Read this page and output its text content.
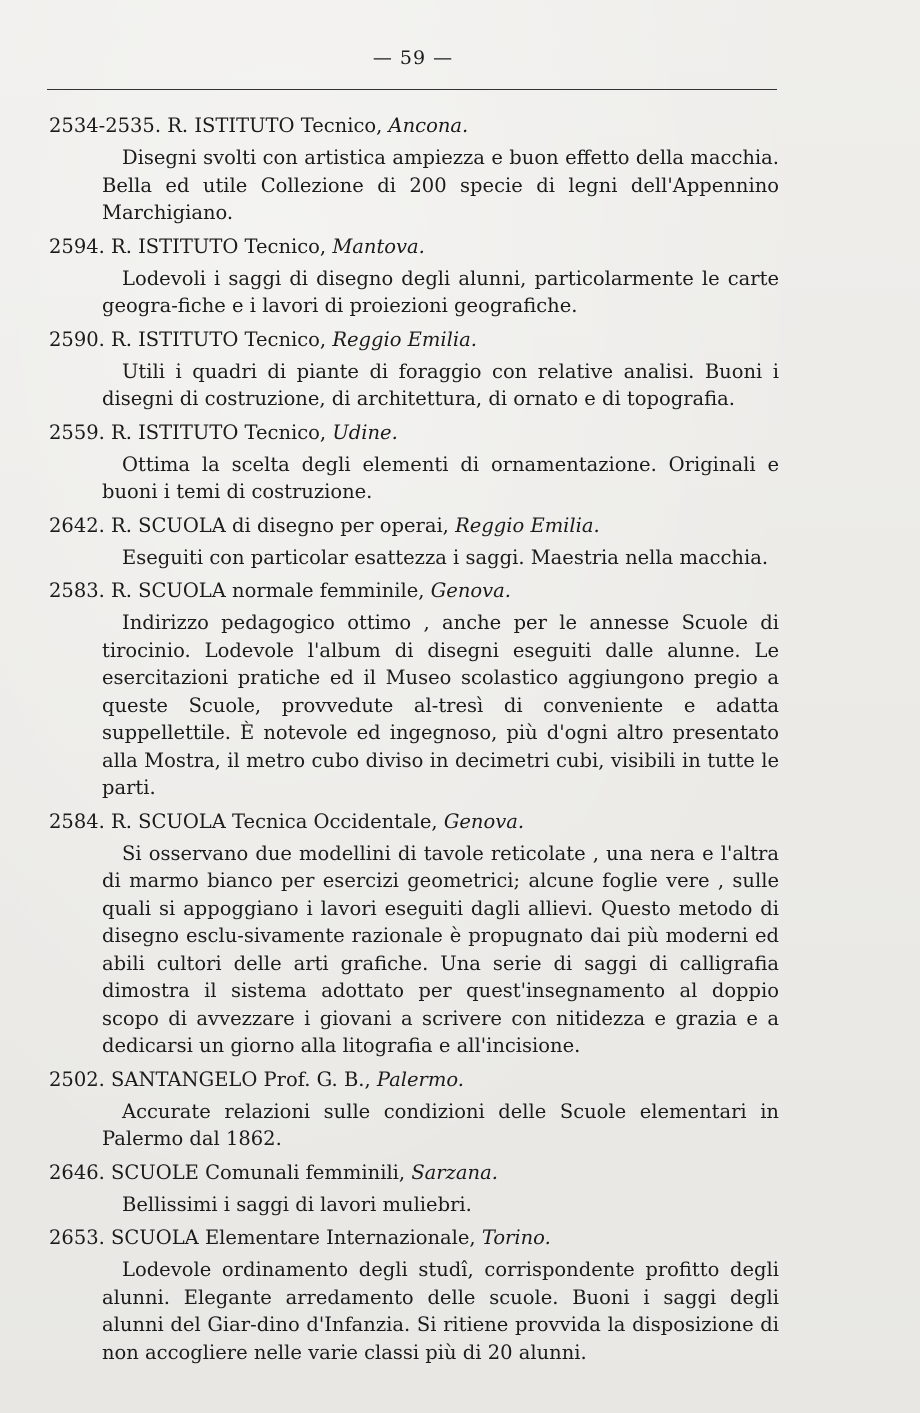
— 59 —
2534-2535. R. ISTITUTO Tecnico, Ancona.
Disegni svolti con artistica ampiezza e buon effetto della macchia. Bella ed utile Collezione di 200 specie di legni dell'Appennino Marchigiano.
2594. R. ISTITUTO Tecnico, Mantova.
Lodevoli i saggi di disegno degli alunni, particolarmente le carte geogra-fiche e i lavori di proiezioni geografiche.
2590. R. ISTITUTO Tecnico, Reggio Emilia.
Utili i quadri di piante di foraggio con relative analisi. Buoni i disegni di costruzione, di architettura, di ornato e di topografia.
2559. R. ISTITUTO Tecnico, Udine.
Ottima la scelta degli elementi di ornamentazione. Originali e buoni i temi di costruzione.
2642. R. SCUOLA di disegno per operai, Reggio Emilia.
Eseguiti con particolar esattezza i saggi. Maestria nella macchia.
2583. R. SCUOLA normale femminile, Genova.
Indirizzo pedagogico ottimo , anche per le annesse Scuole di tirocinio. Lodevole l'album di disegni eseguiti dalle alunne. Le esercitazioni pratiche ed il Museo scolastico aggiungono pregio a queste Scuole, provvedute al-tresì di conveniente e adatta suppellettile. È notevole ed ingegnoso, più d'ogni altro presentato alla Mostra, il metro cubo diviso in decimetri cubi, visibili in tutte le parti.
2584. R. SCUOLA Tecnica Occidentale, Genova.
Si osservano due modellini di tavole reticolate , una nera e l'altra di marmo bianco per esercizi geometrici; alcune foglie vere , sulle quali si appoggiano i lavori eseguiti dagli allievi. Questo metodo di disegno esclu-sivamente razionale è propugnato dai più moderni ed abili cultori delle arti grafiche. Una serie di saggi di calligrafia dimostra il sistema adottato per quest'insegnamento al doppio scopo di avvezzare i giovani a scrivere con nitidezza e grazia e a dedicarsi un giorno alla litografia e all'incisione.
2502. SANTANGELO Prof. G. B., Palermo.
Accurate relazioni sulle condizioni delle Scuole elementari in Palermo dal 1862.
2646. SCUOLE Comunali femminili, Sarzana.
Bellissimi i saggi di lavori muliebri.
2653. SCUOLA Elementare Internazionale, Torino.
Lodevole ordinamento degli studî, corrispondente profitto degli alunni. Elegante arredamento delle scuole. Buoni i saggi degli alunni del Giar-dino d'Infanzia. Si ritiene provvida la disposizione di non accogliere nelle varie classi più di 20 alunni.
